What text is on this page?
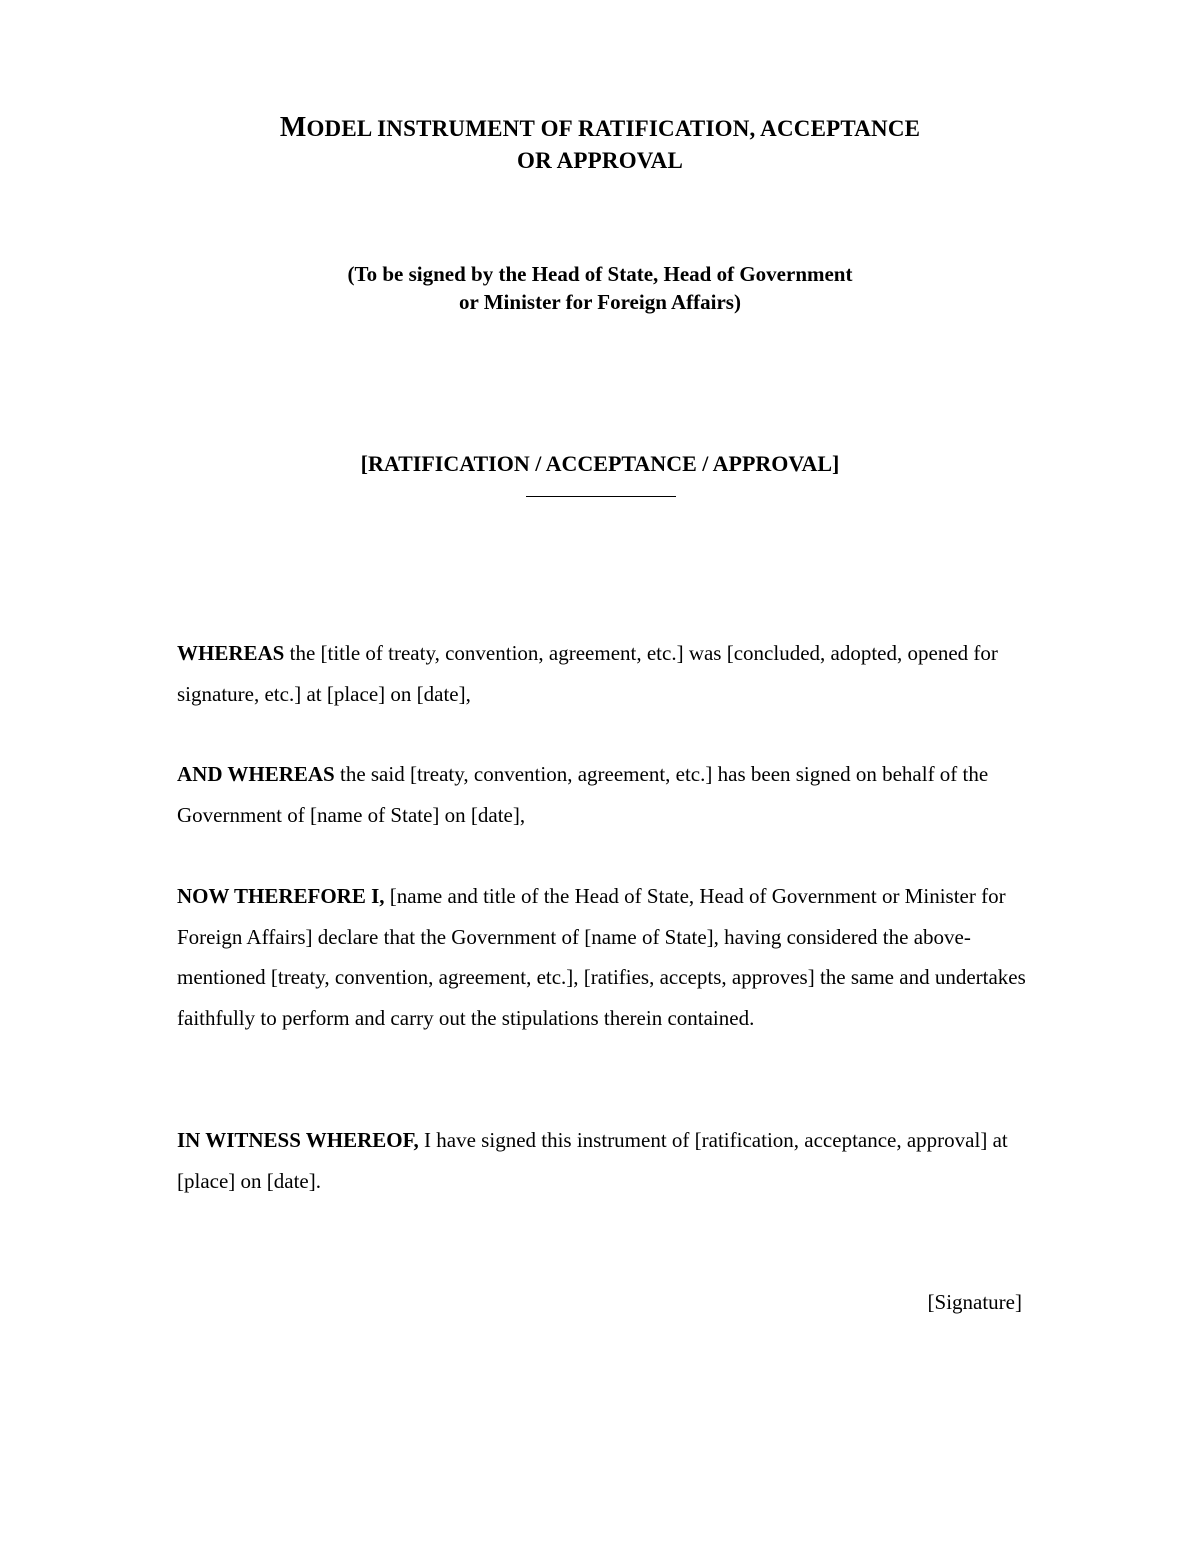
MODEL INSTRUMENT OF RATIFICATION, ACCEPTANCE
OR APPROVAL
(To be signed by the Head of State, Head of Government
or Minister for Foreign Affairs)
[RATIFICATION / ACCEPTANCE / APPROVAL]

WHEREAS the [title of treaty, convention, agreement, etc.] was [concluded, adopted, opened for signature, etc.] at [place] on [date],

AND WHEREAS the said [treaty, convention, agreement, etc.] has been signed on behalf of the Government of [name of State] on [date],

NOW THEREFORE I, [name and title of the Head of State, Head of Government or Minister for Foreign Affairs] declare that the Government of [name of State], having considered the above-mentioned [treaty, convention, agreement, etc.], [ratifies, accepts, approves] the same and undertakes faithfully to perform and carry out the stipulations therein contained.

IN WITNESS WHEREOF, I have signed this instrument of [ratification, acceptance, approval] at [place] on [date].

[Signature]
